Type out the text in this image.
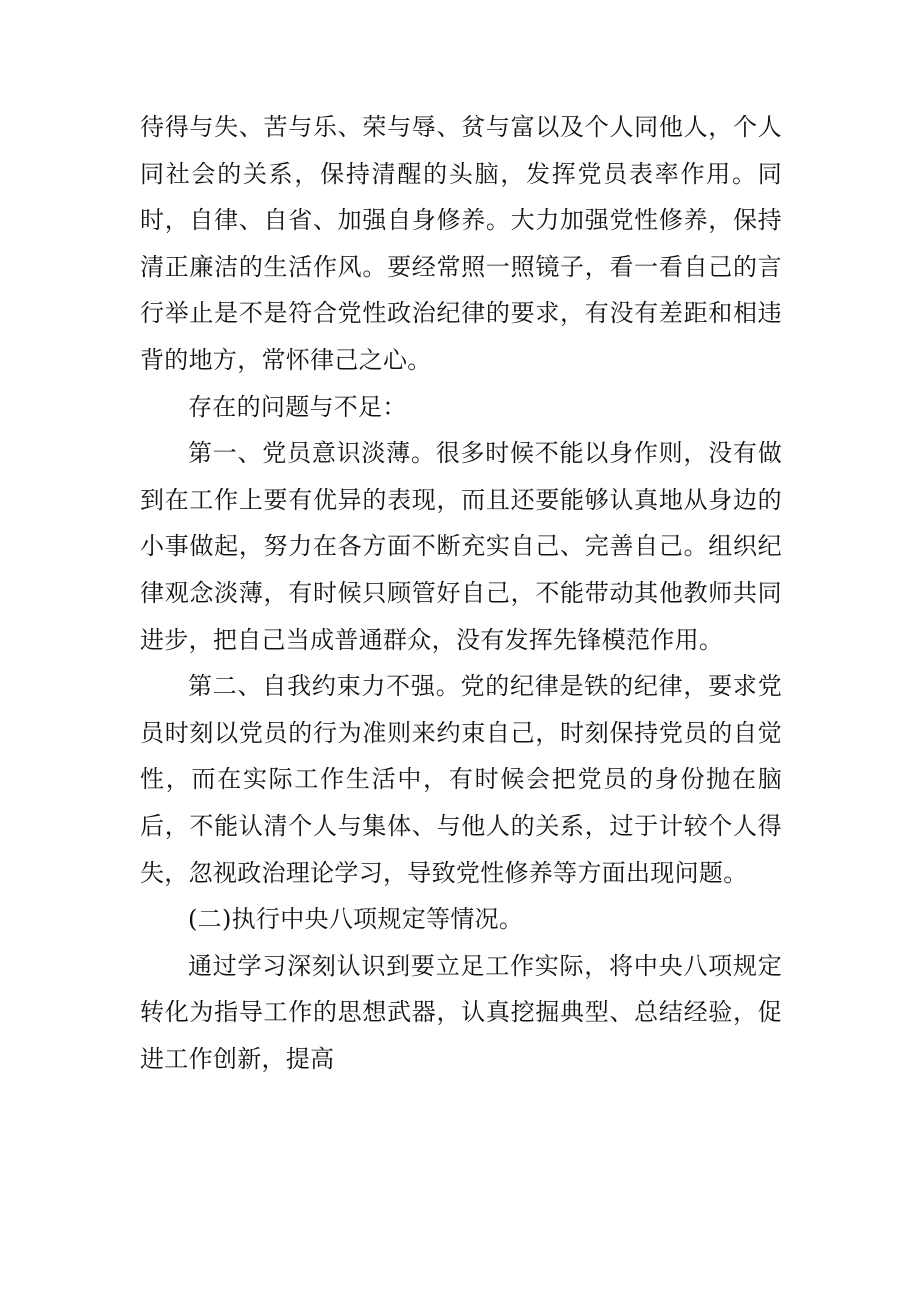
待得与失、苦与乐、荣与辱、贫与富以及个人同他人，个人同社会的关系，保持清醒的头脑，发挥党员表率作用。同时，自律、自省、加强自身修养。大力加强党性修养，保持清正廉洁的生活作风。要经常照一照镜子，看一看自己的言行举止是不是符合党性政治纪律的要求，有没有差距和相违背的地方，常怀律己之心。

存在的问题与不足：

第一、党员意识淡薄。很多时候不能以身作则，没有做到在工作上要有优异的表现，而且还要能够认真地从身边的小事做起，努力在各方面不断充实自己、完善自己。组织纪律观念淡薄，有时候只顾管好自己，不能带动其他教师共同进步，把自己当成普通群众，没有发挥先锋模范作用。

第二、自我约束力不强。党的纪律是铁的纪律，要求党员时刻以党员的行为准则来约束自己，时刻保持党员的自觉性，而在实际工作生活中，有时候会把党员的身份抛在脑后，不能认清个人与集体、与他人的关系，过于计较个人得失，忽视政治理论学习，导致党性修养等方面出现问题。

(二)执行中央八项规定等情况。

通过学习深刻认识到要立足工作实际，将中央八项规定转化为指导工作的思想武器，认真挖掘典型、总结经验，促进工作创新，提高
